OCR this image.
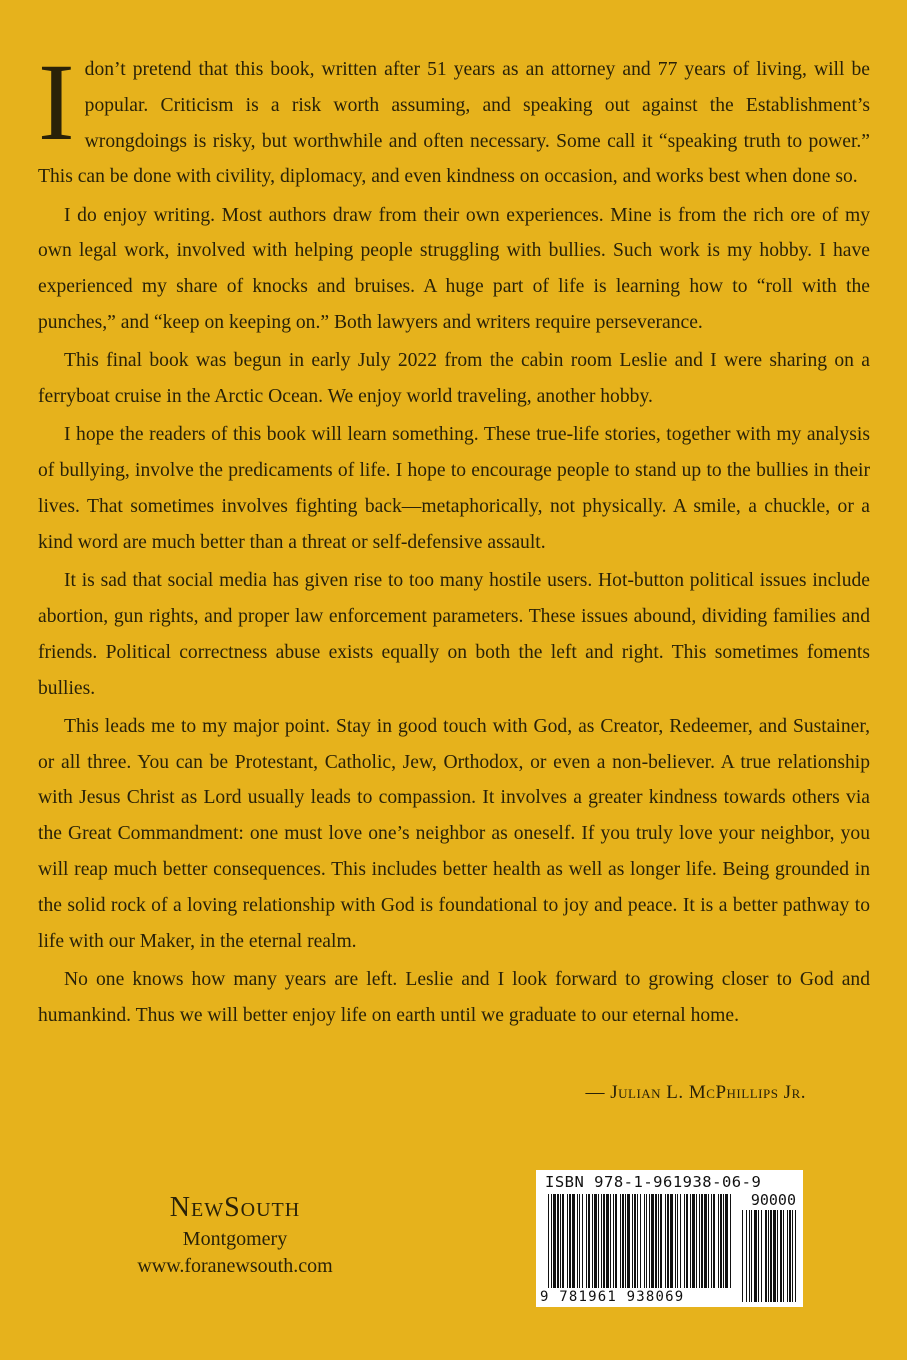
I don’t pretend that this book, written after 51 years as an attorney and 77 years of living, will be popular. Criticism is a risk worth assuming, and speaking out against the Establishment’s wrongdoings is risky, but worthwhile and often necessary. Some call it “speaking truth to power.” This can be done with civility, diplomacy, and even kindness on occasion, and works best when done so.

I do enjoy writing. Most authors draw from their own experiences. Mine is from the rich ore of my own legal work, involved with helping people struggling with bullies. Such work is my hobby. I have experienced my share of knocks and bruises. A huge part of life is learning how to “roll with the punches,” and “keep on keeping on.” Both lawyers and writers require perseverance.

This final book was begun in early July 2022 from the cabin room Leslie and I were sharing on a ferryboat cruise in the Arctic Ocean. We enjoy world traveling, another hobby.

I hope the readers of this book will learn something. These true-life stories, together with my analysis of bullying, involve the predicaments of life. I hope to encourage people to stand up to the bullies in their lives. That sometimes involves fighting back—metaphorically, not physically. A smile, a chuckle, or a kind word are much better than a threat or self-defensive assault.

It is sad that social media has given rise to too many hostile users. Hot-button political issues include abortion, gun rights, and proper law enforcement parameters. These issues abound, dividing families and friends. Political correctness abuse exists equally on both the left and right. This sometimes foments bullies.

This leads me to my major point. Stay in good touch with God, as Creator, Redeemer, and Sustainer, or all three. You can be Protestant, Catholic, Jew, Orthodox, or even a non-believer. A true relationship with Jesus Christ as Lord usually leads to compassion. It involves a greater kindness towards others via the Great Commandment: one must love one’s neighbor as oneself. If you truly love your neighbor, you will reap much better consequences. This includes better health as well as longer life. Being grounded in the solid rock of a loving relationship with God is foundational to joy and peace. It is a better pathway to life with our Maker, in the eternal realm.

No one knows how many years are left. Leslie and I look forward to growing closer to God and humankind. Thus we will better enjoy life on earth until we graduate to our eternal home.

— Julian L. McPhillips Jr.
NewSouth
Montgomery
www.foranewsouth.com
ISBN 978-1-961938-06-9
90000
9 781961 938069
